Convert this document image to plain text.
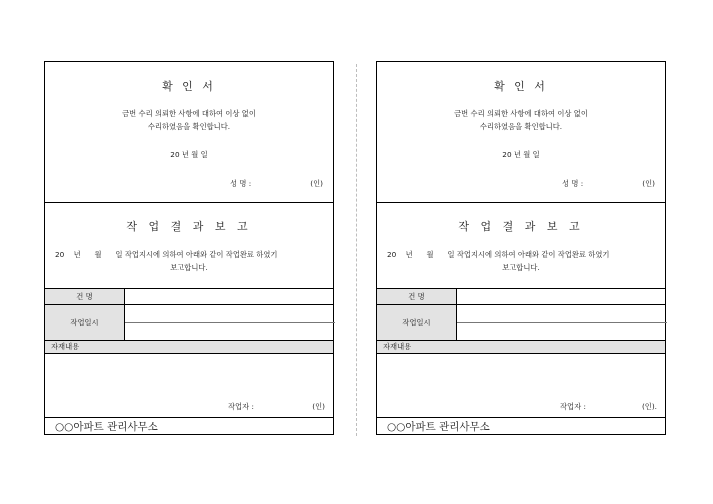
확 인 서
금번 수리 의뢰한 사항에 대하여 이상 없이
수리하였음을 확인합니다.
20 년 월 일
성 명 :	(인)
작 업 결 과 보 고
20    년      월      일 작업지시에 의하여 아래와 같이 작업완료 하였기
보고합니다.
건 명
작업일시
자재내용
작업자 :	(인)
○○아파트 관리사무소
확 인 서
금번 수리 의뢰한 사항에 대하여 이상 없이
수리하였음을 확인합니다.
20 년 월 일
성 명 :	(인)
작 업 결 과 보 고
20    년      월      일 작업지시에 의하여 아래와 같이 작업완료 하였기
보고합니다.
건 명
작업일시
자재내용
작업자 :	(인).
○○아파트 관리사무소
